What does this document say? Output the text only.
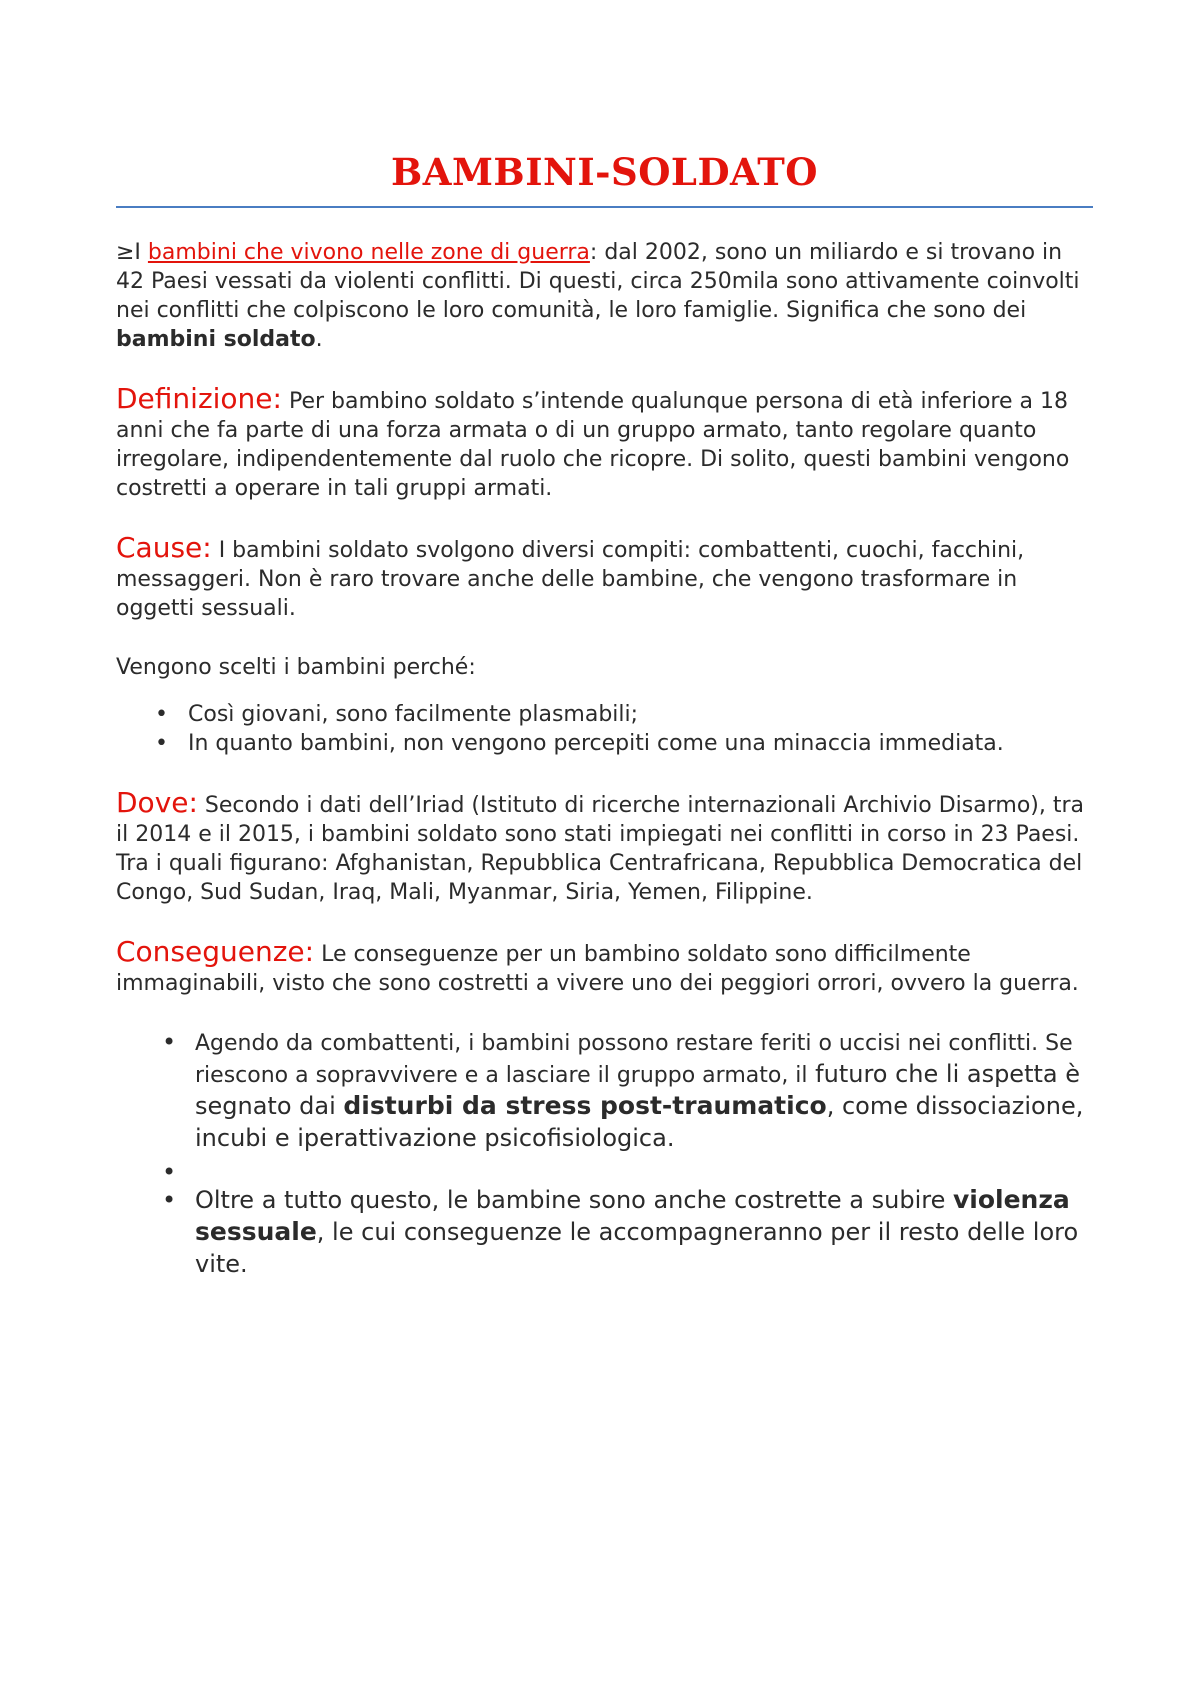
BAMBINI-SOLDATO

≥I bambini che vivono nelle zone di guerra: dal 2002, sono un miliardo e si trovano in 42 Paesi vessati da violenti conflitti. Di questi, circa 250mila sono attivamente coinvolti nei conflitti che colpiscono le loro comunità, le loro famiglie. Significa che sono dei bambini soldato.

Definizione: Per bambino soldato s’intende qualunque persona di età inferiore a 18 anni che fa parte di una forza armata o di un gruppo armato, tanto regolare quanto irregolare, indipendentemente dal ruolo che ricopre. Di solito, questi bambini vengono costretti a operare in tali gruppi armati.

Cause: I bambini soldato svolgono diversi compiti: combattenti, cuochi, facchini, messaggeri. Non è raro trovare anche delle bambine, che vengono trasformare in oggetti sessuali.

Vengono scelti i bambini perché:

• Così giovani, sono facilmente plasmabili;
• In quanto bambini, non vengono percepiti come una minaccia immediata.

Dove: Secondo i dati dell’Iriad (Istituto di ricerche internazionali Archivio Disarmo), tra il 2014 e il 2015, i bambini soldato sono stati impiegati nei conflitti in corso in 23 Paesi. Tra i quali figurano: Afghanistan, Repubblica Centrafricana, Repubblica Democratica del Congo, Sud Sudan, Iraq, Mali, Myanmar, Siria, Yemen, Filippine.

Conseguenze: Le conseguenze per un bambino soldato sono difficilmente immaginabili, visto che sono costretti a vivere uno dei peggiori orrori, ovvero la guerra.

• Agendo da combattenti, i bambini possono restare feriti o uccisi nei conflitti. Se riescono a sopravvivere e a lasciare il gruppo armato, il futuro che li aspetta è segnato dai disturbi da stress post-traumatico, come dissociazione, incubi e iperattivazione psicofisiologica.
•
• Oltre a tutto questo, le bambine sono anche costrette a subire violenza sessuale, le cui conseguenze le accompagneranno per il resto delle loro vite.
